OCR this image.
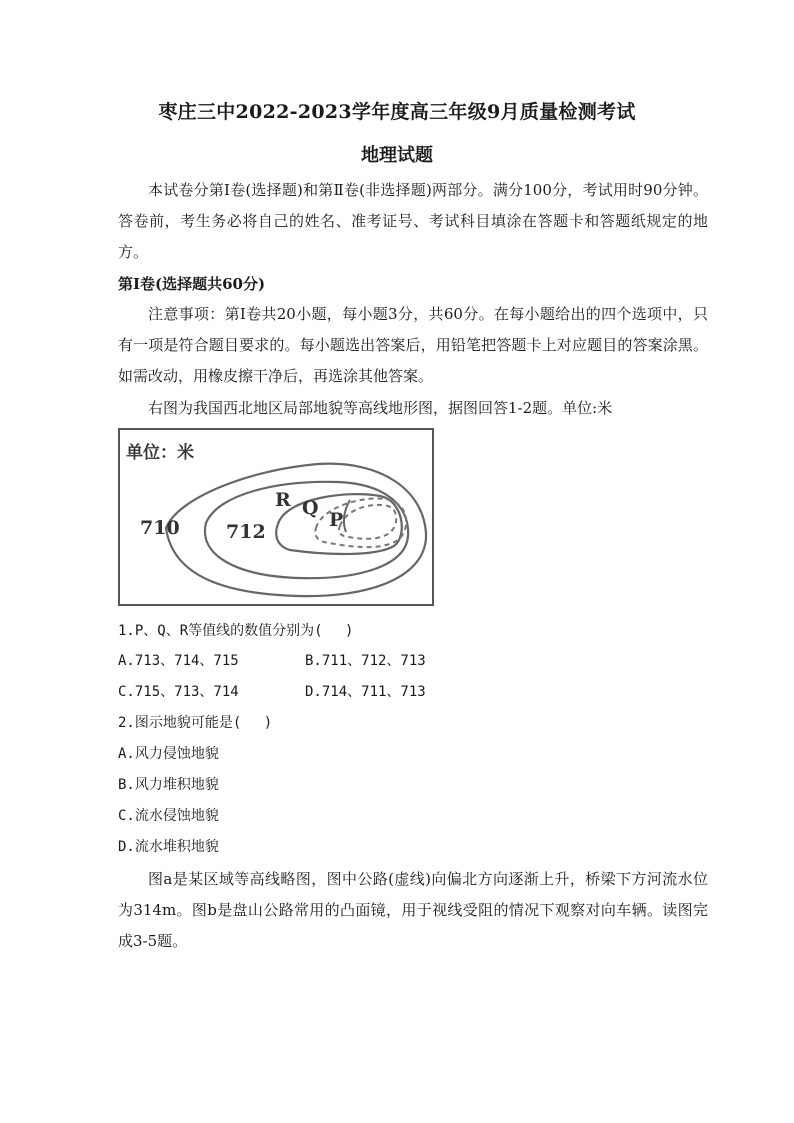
枣庄三中2022-2023学年度高三年级9月质量检测考试
地理试题
本试卷分第Ⅰ卷(选择题)和第Ⅱ卷(非选择题)两部分。满分100分，考试用时90分钟。答卷前，考生务必将自己的姓名、准考证号、考试科目填涂在答题卡和答题纸规定的地方。
第Ⅰ卷(选择题共60分)
注意事项：第Ⅰ卷共20小题，每小题3分，共60分。在每小题给出的四个选项中，只有一项是符合题目要求的。每小题选出答案后，用铅笔把答题卡上对应题目的答案涂黑。如需改动，用橡皮擦干净后，再选涂其他答案。
右图为我国西北地区局部地貌等高线地形图，据图回答1-2题。单位:米
单位：米
710 712
R Q
P
1.P、Q、R等值线的数值分别为(　 )
A.713、714、715	B.711、712、713
C.715、713、714	D.714、711、713
2.图示地貌可能是(　 )
A.风力侵蚀地貌
B.风力堆积地貌
C.流水侵蚀地貌
D.流水堆积地貌
图a是某区域等高线略图，图中公路(虚线)向偏北方向逐渐上升，桥梁下方河流水位为314m。图b是盘山公路常用的凸面镜，用于视线受阻的情况下观察对向车辆。读图完成3-5题。
